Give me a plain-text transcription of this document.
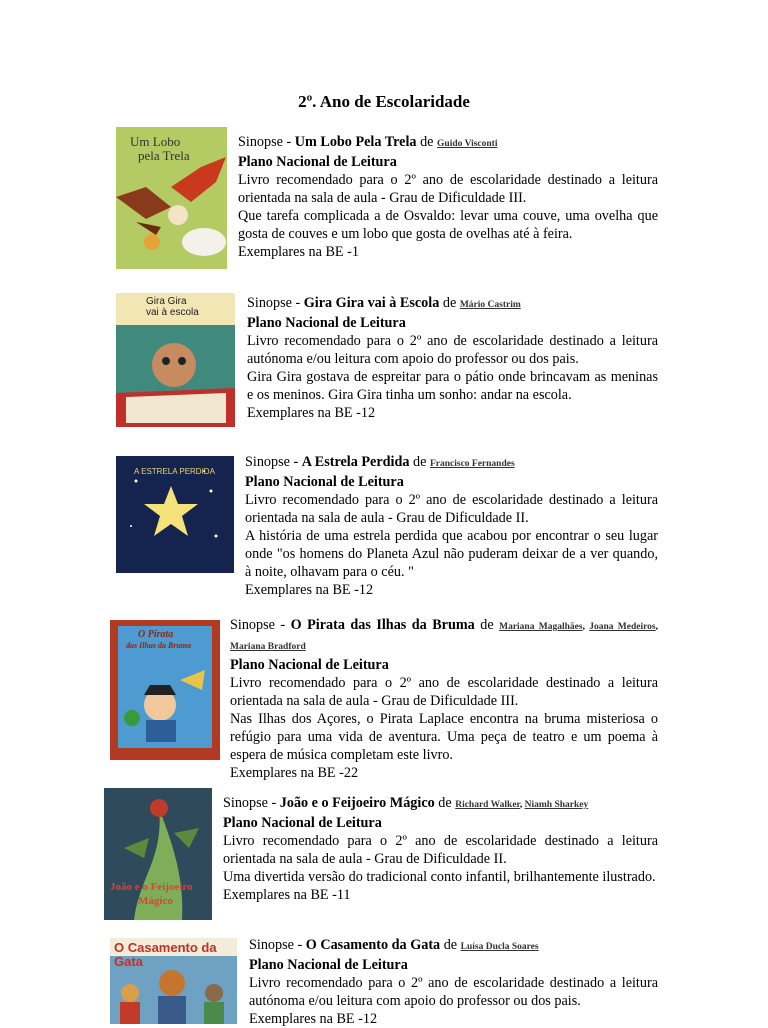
2º. Ano de Escolaridade
Um Lobo
pela Trela

Sinopse - Um Lobo Pela Trela de Guido Visconti

Plano Nacional de Leitura

Livro recomendado para o 2º ano de escolaridade destinado a leitura orientada na sala de aula - Grau de Dificuldade III.

Que tarefa complicada a de Osvaldo: levar uma couve, uma ovelha que gosta de couves e um lobo que gosta de ovelhas até à feira.

Exemplares na BE -1

Gira Gira
vai à escola

Sinopse - Gira Gira vai à Escola de Mário Castrim

Plano Nacional de Leitura

Livro recomendado para o 2º ano de escolaridade destinado a leitura autónoma e/ou leitura com apoio do professor ou dos pais.

Gira Gira gostava de espreitar para o pátio onde brincavam as meninas e os meninos. Gira Gira tinha um sonho: andar na escola.

Exemplares na BE -12

A ESTRELA PERDIDA

Sinopse - A Estrela Perdida de Francisco Fernandes

Plano Nacional de Leitura

Livro recomendado para o 2º ano de escolaridade destinado a leitura orientada na sala de aula - Grau de Dificuldade II.

A história de uma estrela perdida que acabou por encontrar o seu lugar onde "os homens do Planeta Azul não puderam deixar de a ver quando, à noite, olhavam para o céu. "

Exemplares na BE -12

O Pirata
das Ilhas da Bruma

Sinopse - O Pirata das Ilhas da Bruma de Mariana Magalhães, Joana Medeiros, Mariana Bradford

Plano Nacional de Leitura

Livro recomendado para o 2º ano de escolaridade destinado a leitura orientada na sala de aula - Grau de Dificuldade III.

Nas Ilhas dos Açores, o Pirata Laplace encontra na bruma misteriosa o refúgio para uma vida de aventura. Uma peça de teatro e um poema à espera de música completam este livro.

Exemplares na BE -22

João e o Feijoeiro
Mágico

Sinopse - João e o Feijoeiro Mágico de Richard Walker, Niamh Sharkey

Plano Nacional de Leitura

Livro recomendado para o 2º ano de escolaridade destinado a leitura orientada na sala de aula - Grau de Dificuldade II.

Uma divertida versão do tradicional conto infantil, brilhantemente ilustrado.

Exemplares na BE -11

O Casamento da Gata

Sinopse - O Casamento da Gata de Luísa Ducla Soares

Plano Nacional de Leitura

Livro recomendado para o 2º ano de escolaridade destinado a leitura autónoma e/ou leitura com apoio do professor ou dos pais.

Exemplares na BE -12
